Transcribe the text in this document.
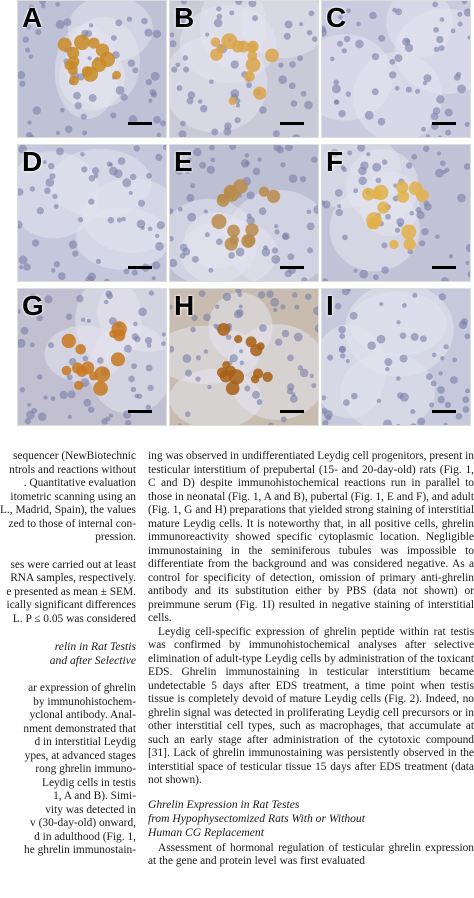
A	B	C
D	E	F
G	H	I

sequencer (NewBiotechnic
ntrols and reactions without
. Quantitative evaluation
itometric scanning using an
L., Madrid, Spain), the values
zed to those of internal con-
pression.

ses were carried out at least
RNA samples, respectively.
e presented as mean ± SEM.
ically significant differences
L. P ≤ 0.05 was considered

relin in Rat Testis
and after Selective

ar expression of ghrelin
by immunohistochem-
yclonal antibody. Anal-
nment demonstrated that
d in interstitial Leydig
ypes, at advanced stages
rong ghrelin immuno-
Leydig cells in testis
1, A and B). Simi-
vity was detected in
v (30-day-old) onward,
d in adulthood (Fig. 1,
he ghrelin immunostain-

ing was observed in undifferentiated Leydig cell progenitors, present in testicular interstitium of prepubertal (15- and 20-day-old) rats (Fig. 1, C and D) despite immunohistochemical reactions run in parallel to those in neonatal (Fig. 1, A and B), pubertal (Fig. 1, E and F), and adult (Fig. 1, G and H) preparations that yielded strong staining of interstitial mature Leydig cells. It is noteworthy that, in all positive cells, ghrelin immunoreactivity showed specific cytoplasmic location. Negligible immunostaining in the seminiferous tubules was impossible to differentiate from the background and was considered negative. As a control for specificity of detection, omission of primary anti-ghrelin antibody and its substitution either by PBS (data not shown) or preimmune serum (Fig. 1I) resulted in negative staining of interstitial cells.

Leydig cell-specific expression of ghrelin peptide within rat testis was confirmed by immunohistochemical analyses after selective elimination of adult-type Leydig cells by administration of the toxicant EDS. Ghrelin immunostaining in testicular interstitium became undetectable 5 days after EDS treatment, a time point when testis tissue is completely devoid of mature Leydig cells (Fig. 2). Indeed, no ghrelin signal was detected in proliferating Leydig cell precursors or in other interstitial cell types, such as macrophages, that accumulate at such an early stage after administration of the cytotoxic compound [31]. Lack of ghrelin immunostaining was persistently observed in the interstitial space of testicular tissue 15 days after EDS treatment (data not shown).

Ghrelin Expression in Rat Testes
from Hypophysectomized Rats With or Without
Human CG Replacement

Assessment of hormonal regulation of testicular ghrelin expression at the gene and protein level was first evaluated
